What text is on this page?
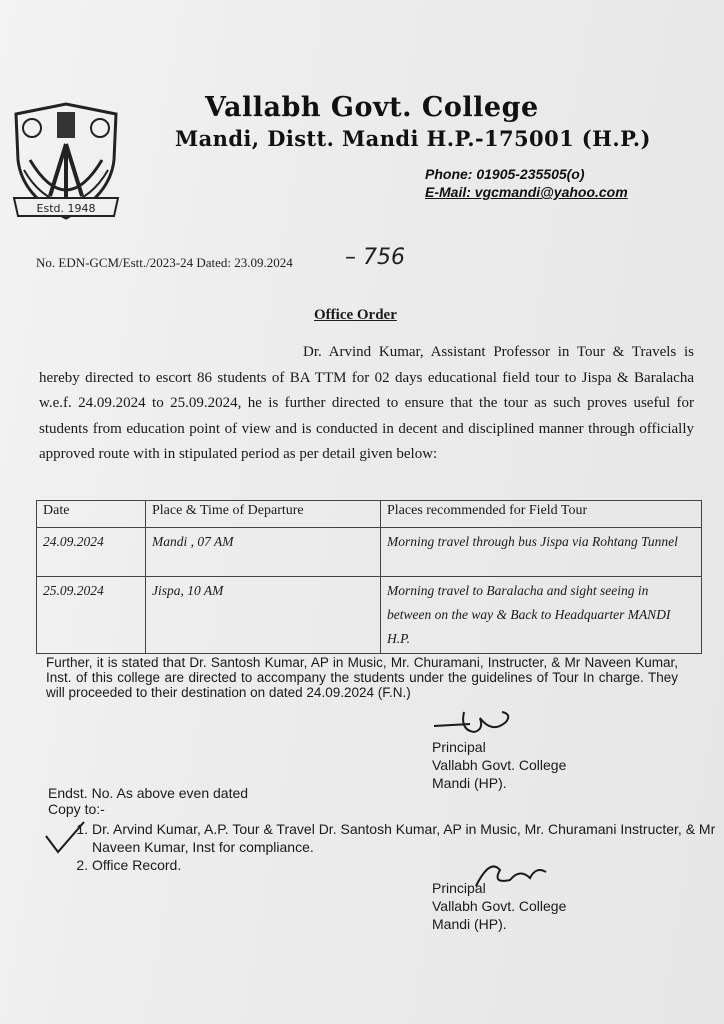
Estd. 1948
Vallabh Govt. College
Mandi, Distt. Mandi H.P.-175001 (H.P.)
Phone: 01905-235505(o)
E-Mail: vgcmandi@yahoo.com
No. EDN-GCM/Estt./2023-24 Dated: 23.09.2024 – 756
Office Order
Dr. Arvind Kumar, Assistant Professor in Tour & Travels is hereby directed to escort 86 students of BA TTM for 02 days educational field tour to Jispa & Baralacha w.e.f. 24.09.2024 to 25.09.2024, he is further directed to ensure that the tour as such proves useful for students from education point of view and is conducted in decent and disciplined manner through officially approved route with in stipulated period as per detail given below:
Date	Place & Time of Departure	Places recommended for Field Tour
24.09.2024	Mandi , 07 AM	Morning travel through bus Jispa via Rohtang Tunnel
25.09.2024	Jispa, 10 AM	Morning travel to Baralacha and sight seeing in between on the way & Back to Headquarter MANDI H.P.
Further, it is stated that Dr. Santosh Kumar, AP in Music, Mr. Churamani, Instructer, & Mr Naveen Kumar, Inst. of this college are directed to accompany the students under the guidelines of Tour In charge. They will proceeded to their destination on dated 24.09.2024 (F.N.)
Principal
Vallabh Govt. College
Mandi (HP).
Endst. No. As above even dated
Copy to:-
1. Dr. Arvind Kumar, A.P. Tour & Travel Dr. Santosh Kumar, AP in Music, Mr. Churamani Instructer, & Mr Naveen Kumar, Inst for compliance.
2. Office Record.
Principal
Vallabh Govt. College
Mandi (HP).
